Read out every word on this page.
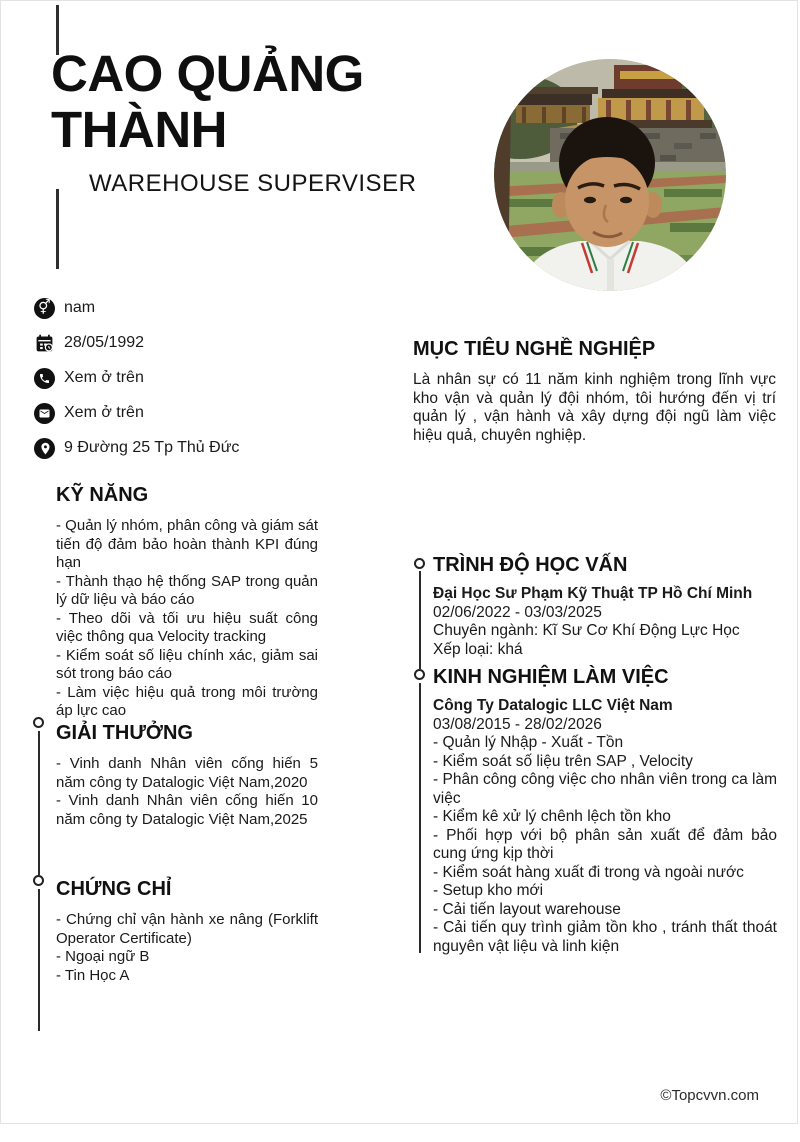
CAO QUẢNG
THÀNH
WAREHOUSE SUPERVISER
⚥ nam
28/05/1992
Xem ở trên
Xem ở trên
9 Đường 25 Tp Thủ Đức
KỸ NĂNG
- Quản lý nhóm, phân công và giám sát tiến độ đảm bảo hoàn thành KPI đúng hạn
- Thành thạo hệ thống SAP trong quản lý dữ liệu và báo cáo
- Theo dõi và tối ưu hiệu suất công việc thông qua Velocity tracking
- Kiểm soát số liệu chính xác, giảm sai sót trong báo cáo
- Làm việc hiệu quả trong môi trường áp lực cao
GIẢI THƯỞNG
- Vinh danh Nhân viên cống hiến 5 năm công ty Datalogic Việt Nam,2020
- Vinh danh Nhân viên cống hiến 10 năm công ty Datalogic Việt Nam,2025
CHỨNG CHỈ
- Chứng chỉ vận hành xe nâng (Forklift Operator Certificate)
- Ngoại ngữ B
- Tin Học A
MỤC TIÊU NGHỀ NGHIỆP
Là nhân sự có 11 năm kinh nghiệm trong lĩnh vực kho vận và quản lý đội nhóm, tôi hướng đến vị trí quản lý , vận hành và xây dựng đội ngũ làm việc hiệu quả, chuyên nghiệp.
TRÌNH ĐỘ HỌC VẤN
Đại Học Sư Phạm Kỹ Thuật TP Hồ Chí Minh
02/06/2022 - 03/03/2025
Chuyên ngành: Kĩ Sư Cơ Khí Động Lực Học
Xếp loại: khá
KINH NGHIỆM LÀM VIỆC
Công Ty Datalogic LLC Việt Nam
03/08/2015 - 28/02/2026
- Quản lý Nhập - Xuất - Tồn
- Kiểm soát số liệu trên SAP , Velocity
- Phân công công việc cho nhân viên trong ca làm việc
- Kiểm kê xử lý chênh lệch tồn kho
- Phối hợp với bộ phân sản xuất để đảm bảo cung ứng kịp thời
- Kiểm soát hàng xuất đi trong và ngoài nước
- Setup kho mới
- Cải tiến layout warehouse
- Cải tiến quy trình giảm tồn kho , tránh thất thoát nguyên vật liệu và linh kiện
©Topcvvn.com
